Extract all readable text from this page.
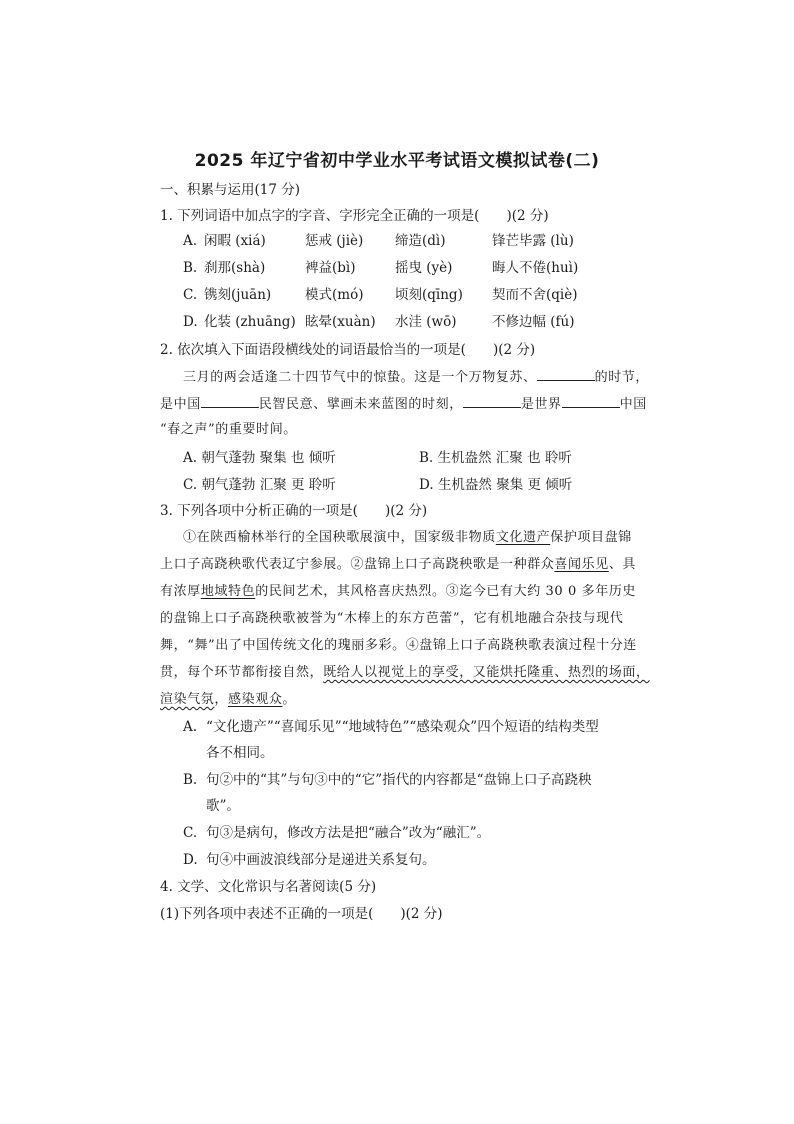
2025 年辽宁省初中学业水平考试语文模拟试卷(二)
一、积累与运用(17 分)
1. 下列词语中加点字的字音、字形完全正确的一项是(　　)(2 分)
A. 闲暇 (xiá)	惩戒 (jiè) 缔造(dì)	锋芒毕露 (lù)
B. 刹那(shà)	裨益(bì)	摇曳 (yè)	晦人不倦(huì)
C. 镌刻(juān)	模式(mó) 顷刻(qīng) 契而不舍(qiè)
D. 化装 (zhuāng) 眩晕(xuàn) 水洼 (wō)	不修边幅 (fú)
2. 依次填入下面语段横线处的词语最恰当的一项是(　　)(2 分)
三月的两会适逢二十四节气中的惊蛰。这是一个万物复苏、	的时节，
是中国	民智民意、擘画未来蓝图的时刻，	是世界	中国
“春之声”的重要时间。
A. 朝气蓬勃 聚集 也 倾听	B. 生机盎然 汇聚 也 聆听
C. 朝气蓬勃 汇聚 更 聆听	D. 生机盎然 聚集 更 倾听
3. 下列各项中分析正确的一项是(　　)(2 分)
①在陕西榆林举行的全国秧歌展演中，国家级非物质文化遗产保护项目盘锦
上口子高跷秧歌代表辽宁参展。②盘锦上口子高跷秧歌是一种群众喜闻乐见、具
有浓厚地域特色的民间艺术，其风格喜庆热烈。③迄今已有大约 30 0 多年历史
的盘锦上口子高跷秧歌被誉为“木棒上的东方芭蕾”，它有机地融合杂技与现代
舞，“舞”出了中国传统文化的瑰丽多彩。④盘锦上口子高跷秧歌表演过程十分连
贯，每个环节都衔接自然，既给人以视觉上的享受，又能烘托隆重、热烈的场面，
渲染气氛，感染观众。
A. “文化遗产”“喜闻乐见”“地域特色”“感染观众”四个短语的结构类型
各不相同。
B. 句②中的“其”与句③中的“它”指代的内容都是“盘锦上口子高跷秧
歌”。
C. 句③是病句，修改方法是把“融合”改为“融汇”。
D. 句④中画波浪线部分是递进关系复句。
4. 文学、文化常识与名著阅读(5 分)
(1)下列各项中表述不正确的一项是(　　)(2 分)
